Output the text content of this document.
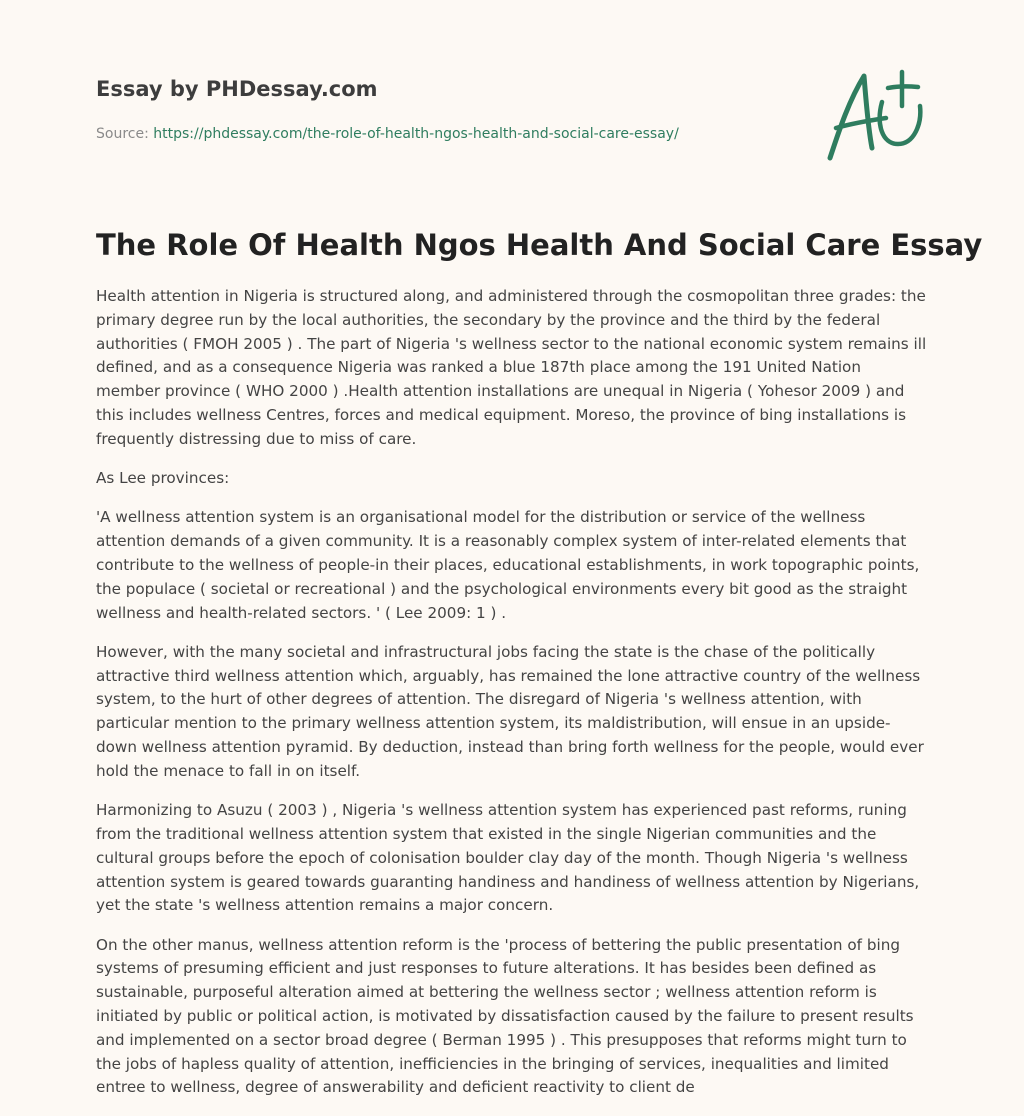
Essay by PHDessay.com
Source: https://phdessay.com/the-role-of-health-ngos-health-and-social-care-essay/
The Role Of Health Ngos Health And Social Care Essay

Health attention in Nigeria is structured along, and administered through the cosmopolitan three grades: the primary degree run by the local authorities, the secondary by the province and the third by the federal authorities ( FMOH 2005 ) . The part of Nigeria 's wellness sector to the national economic system remains ill defined, and as a consequence Nigeria was ranked a blue 187th place among the 191 United Nation member province ( WHO 2000 ) .Health attention installations are unequal in Nigeria ( Yohesor 2009 ) and this includes wellness Centres, forces and medical equipment. Moreso, the province of bing installations is frequently distressing due to miss of care.

As Lee provinces:

'A wellness attention system is an organisational model for the distribution or service of the wellness attention demands of a given community. It is a reasonably complex system of inter-related elements that contribute to the wellness of people-in their places, educational establishments, in work topographic points, the populace ( societal or recreational ) and the psychological environments every bit good as the straight wellness and health-related sectors. ' ( Lee 2009: 1 ) .

However, with the many societal and infrastructural jobs facing the state is the chase of the politically attractive third wellness attention which, arguably, has remained the lone attractive country of the wellness system, to the hurt of other degrees of attention. The disregard of Nigeria 's wellness attention, with particular mention to the primary wellness attention system, its maldistribution, will ensue in an upside-down wellness attention pyramid. By deduction, instead than bring forth wellness for the people, would ever hold the menace to fall in on itself.

Harmonizing to Asuzu ( 2003 ) , Nigeria 's wellness attention system has experienced past reforms, runing from the traditional wellness attention system that existed in the single Nigerian communities and the cultural groups before the epoch of colonisation boulder clay day of the month. Though Nigeria 's wellness attention system is geared towards guaranting handiness and handiness of wellness attention by Nigerians, yet the state 's wellness attention remains a major concern.

On the other manus, wellness attention reform is the 'process of bettering the public presentation of bing systems of presuming efficient and just responses to future alterations. It has besides been defined as sustainable, purposeful alteration aimed at bettering the wellness sector ; wellness attention reform is initiated by public or political action, is motivated by dissatisfaction caused by the failure to present results and implemented on a sector broad degree ( Berman 1995 ) . This presupposes that reforms might turn to the jobs of hapless quality of attention, inefficiencies in the bringing of services, inequalities and limited entree to wellness, degree of answerability and deficient reactivity to client de
